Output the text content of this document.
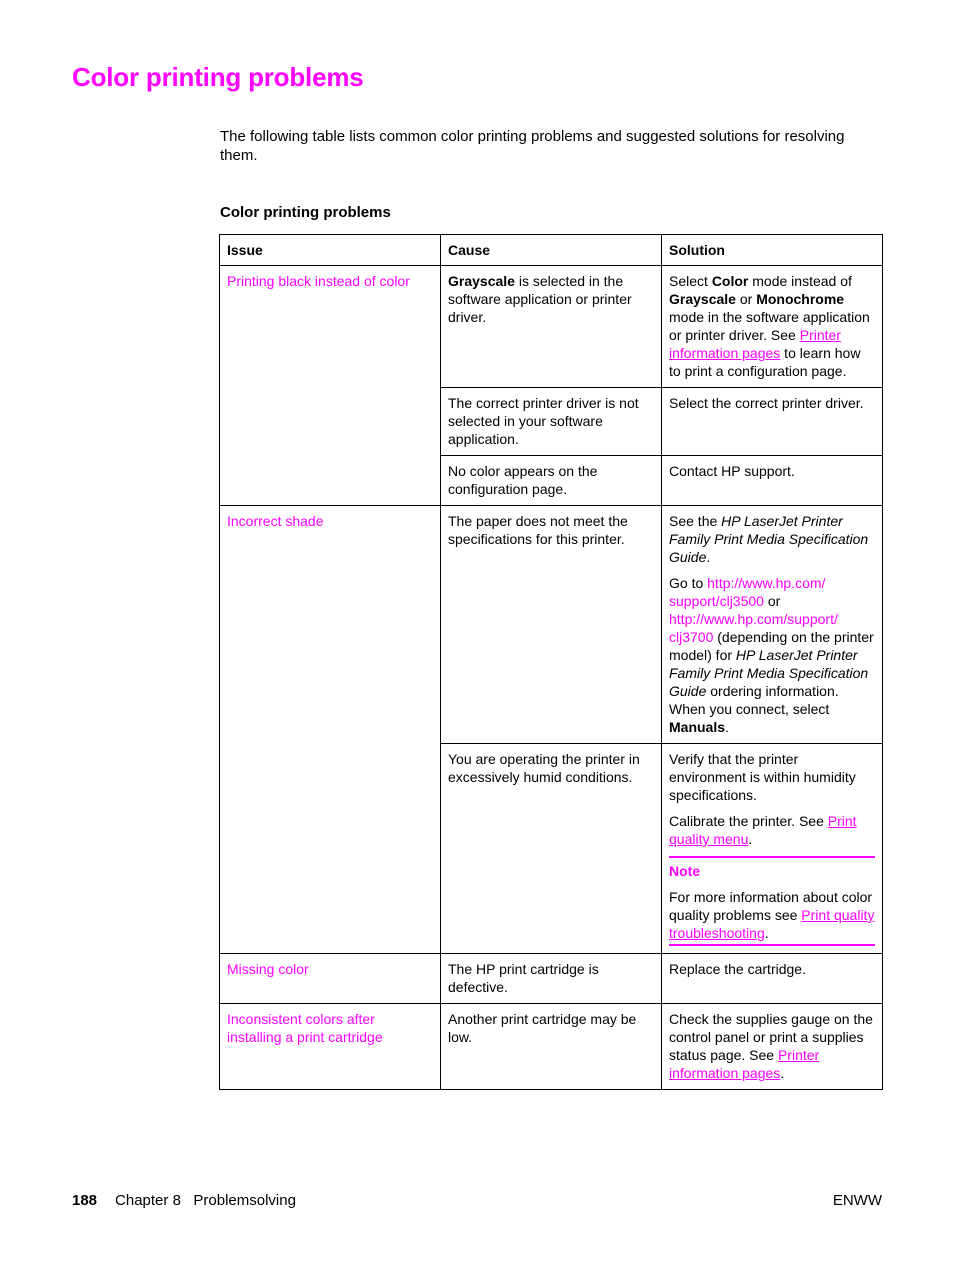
Color printing problems

The following table lists common color printing problems and suggested solutions for resolving them.

Color printing problems

Issue	Cause	Solution
Printing black instead of color	Grayscale is selected in the software application or printer driver.	Select Color mode instead of Grayscale or Monochrome mode in the software application or printer driver. See Printer information pages to learn how to print a configuration page.
	The correct printer driver is not selected in your software application.	Select the correct printer driver.
	No color appears on the configuration page.	Contact HP support.
Incorrect shade	The paper does not meet the specifications for this printer.	See the HP LaserJet Printer Family Print Media Specification Guide.

Go to http://www.hp.com/ support/clj3500 or http://www.hp.com/support/ clj3700 (depending on the printer model) for HP LaserJet Printer Family Print Media Specification Guide ordering information. When you connect, select Manuals.

	You are operating the printer in excessively humid conditions.	Verify that the printer environment is within humidity specifications.

Calibrate the printer. See Print quality menu.

Note

For more information about color quality problems see Print quality troubleshooting.

Missing color	The HP print cartridge is defective.	Replace the cartridge.
Inconsistent colors after installing a print cartridge	Another print cartridge may be low.	Check the supplies gauge on the control panel or print a supplies status page. See Printer information pages.
188 Chapter 8   Problemsolving	ENWW
